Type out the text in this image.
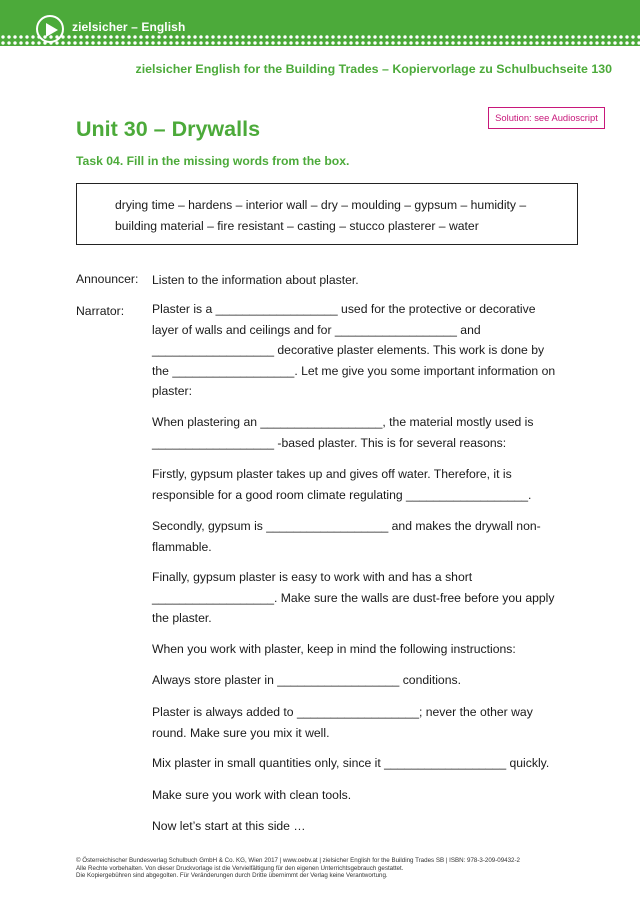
zielsicher – English
zielsicher English for the Building Trades – Kopiervorlage zu Schulbuchseite 130
Solution: see Audioscript
Unit 30 – Drywalls
Task 04. Fill in the missing words from the box.
drying time – hardens – interior wall – dry – moulding – gypsum – humidity –
building material – fire resistant – casting – stucco plasterer – water

Announcer: Listen to the information about plaster.

Narrator: Plaster is a __________________ used for the protective or decorative layer of walls and ceilings and for __________________ and __________________ decorative plaster elements. This work is done by the __________________. Let me give you some important information on plaster:

When plastering an __________________, the material mostly used is __________________ -based plaster. This is for several reasons:

Firstly, gypsum plaster takes up and gives off water. Therefore, it is responsible for a good room climate regulating __________________.

Secondly, gypsum is __________________ and makes the drywall non-flammable.

Finally, gypsum plaster is easy to work with and has a short __________________. Make sure the walls are dust-free before you apply the plaster.

When you work with plaster, keep in mind the following instructions:

Always store plaster in __________________ conditions.

Plaster is always added to __________________; never the other way round. Make sure you mix it well.

Mix plaster in small quantities only, since it __________________ quickly.

Make sure you work with clean tools.

Now let’s start at this side …

© Österreichischer Bundesverlag Schulbuch GmbH & Co. KG, Wien 2017 | www.oebv.at | zielsicher English for the Building Trades SB | ISBN: 978-3-209-09432-2
Alle Rechte vorbehalten. Von dieser Druckvorlage ist die Vervielfältigung für den eigenen Unterrichtsgebrauch gestattet.
Die Kopiergebühren sind abgegolten. Für Veränderungen durch Dritte übernimmt der Verlag keine Verantwortung.
